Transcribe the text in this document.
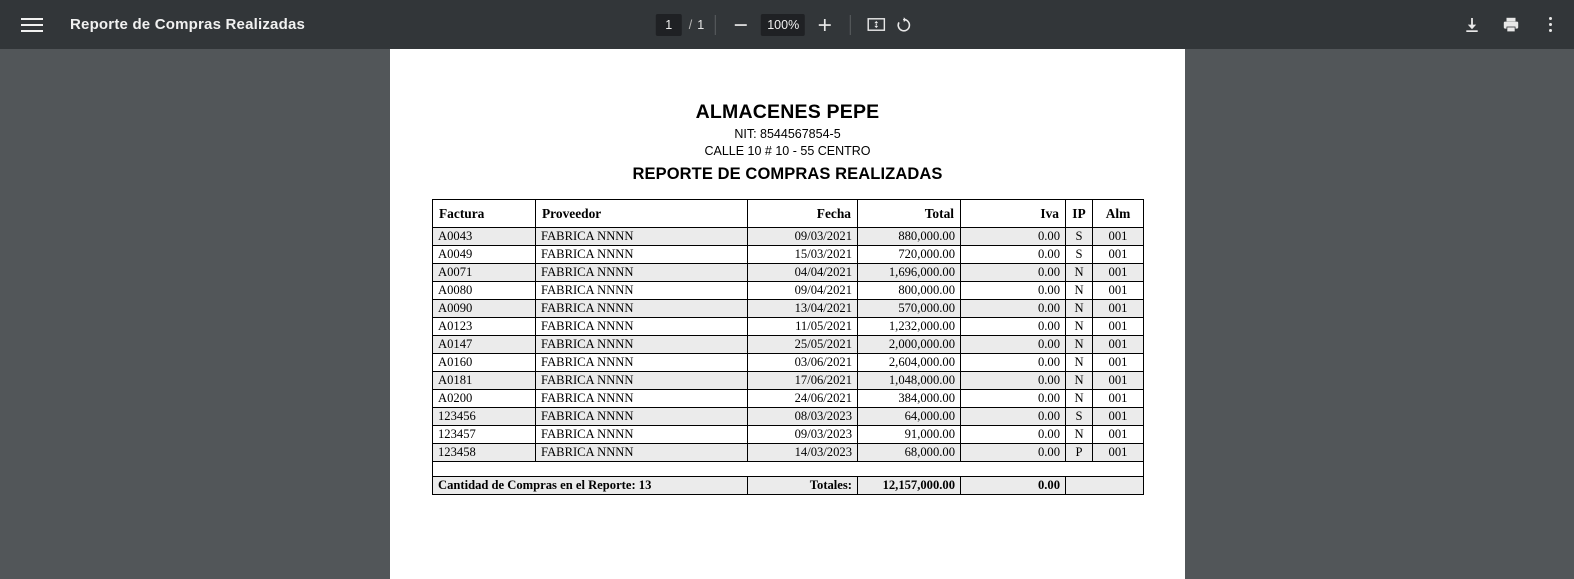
Reporte de Compras Realizadas
1	/ 1	100%
ALMACENES PEPE
NIT: 8544567854-5
CALLE 10 # 10 - 55 CENTRO
REPORTE DE COMPRAS REALIZADAS
Factura	Proveedor	Fecha	Total	Iva	IP	Alm
A0043	FABRICA NNNN	09/03/2021	880,000.00	0.00	S	001
A0049	FABRICA NNNN	15/03/2021	720,000.00	0.00	S	001
A0071	FABRICA NNNN	04/04/2021	1,696,000.00	0.00	N	001
A0080	FABRICA NNNN	09/04/2021	800,000.00	0.00	N	001
A0090	FABRICA NNNN	13/04/2021	570,000.00	0.00	N	001
A0123	FABRICA NNNN	11/05/2021	1,232,000.00	0.00	N	001
A0147	FABRICA NNNN	25/05/2021	2,000,000.00	0.00	N	001
A0160	FABRICA NNNN	03/06/2021	2,604,000.00	0.00	N	001
A0181	FABRICA NNNN	17/06/2021	1,048,000.00	0.00	N	001
A0200	FABRICA NNNN	24/06/2021	384,000.00	0.00	N	001
123456	FABRICA NNNN	08/03/2023	64,000.00	0.00	S	001
123457	FABRICA NNNN	09/03/2023	91,000.00	0.00	N	001
123458	FABRICA NNNN	14/03/2023	68,000.00	0.00	P	001

Cantidad de Compras en el Reporte: 13		Totales:	12,157,000.00	0.00		
